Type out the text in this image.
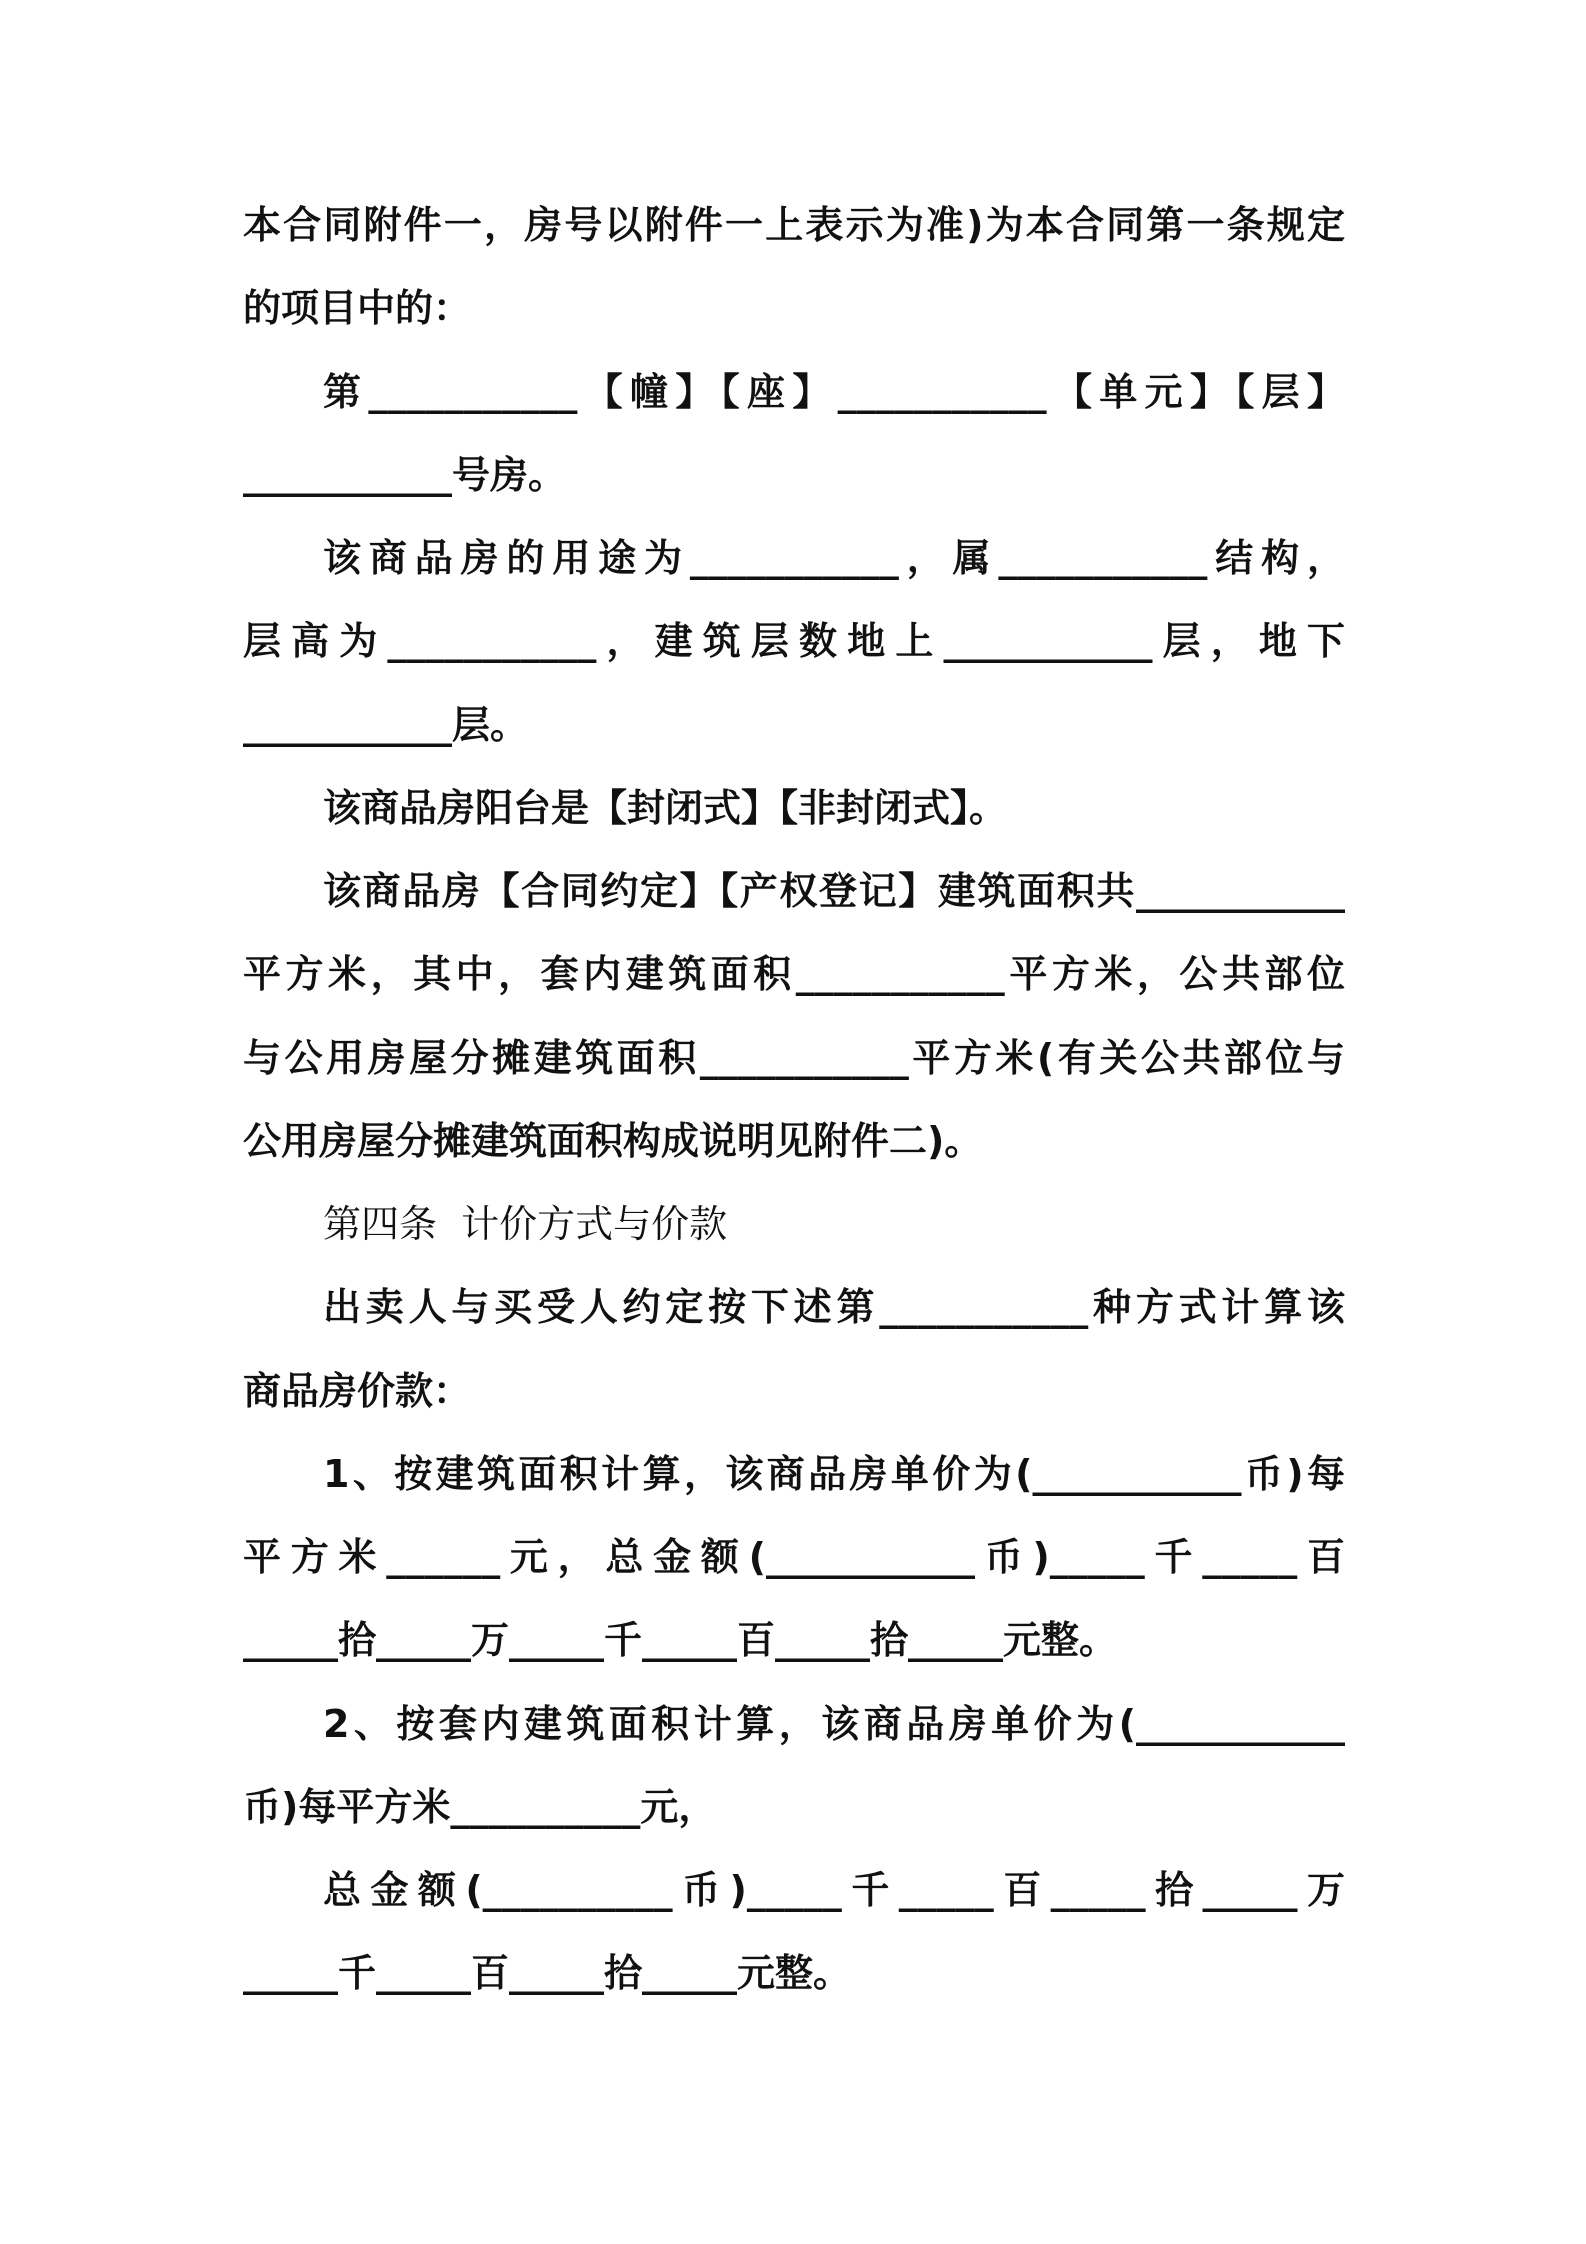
本合同附件一，房号以附件一上表示为准)为本合同第一条规定
的项目中的：
第___________【幢】【座】___________【单元】【层】
___________号房。
该商品房的用途为___________，属___________结构，
层高为___________，建筑层数地上___________层，地下
___________层。
该商品房阳台是【封闭式】【非封闭式】。
该商品房【合同约定】【产权登记】建筑面积共___________
平方米，其中，套内建筑面积___________平方米，公共部位
与公用房屋分摊建筑面积___________平方米(有关公共部位与
公用房屋分摊建筑面积构成说明见附件二)。
第四条  计价方式与价款
出卖人与买受人约定按下述第___________种方式计算该
商品房价款：
1、按建筑面积计算，该商品房单价为(___________币)每
平方米______元，总金额(___________币)_____千_____百
_____拾_____万_____千_____百_____拾_____元整。
2、按套内建筑面积计算，该商品房单价为(___________
币)每平方米__________元，
总金额(__________币)_____千_____百_____拾_____万
_____千_____百_____拾_____元整。
